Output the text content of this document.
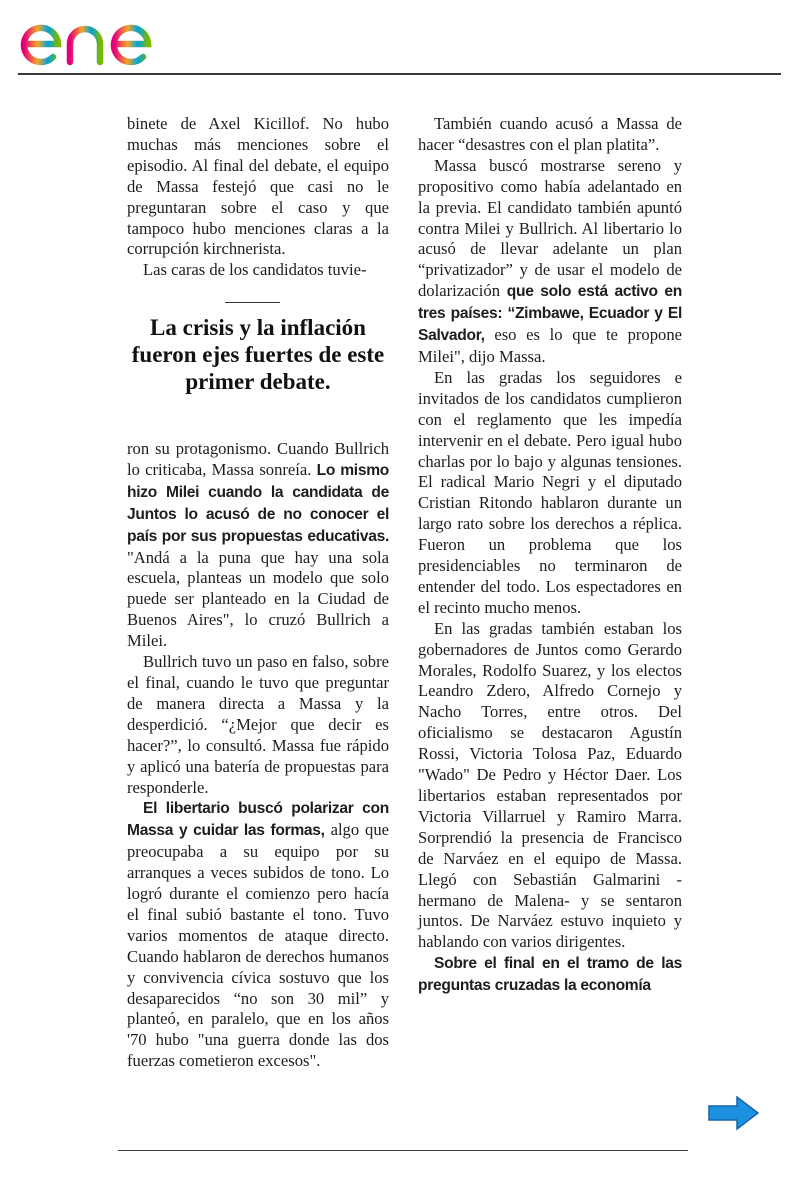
binete de Axel Kicillof. No hubo muchas más menciones sobre el episodio. Al final del debate, el equipo de Massa festejó que casi no le preguntaran sobre el caso y que tampoco hubo menciones claras a la corrupción kirchnerista.

Las caras de los candidatos tuvie-

La crisis y la inflación fueron ejes fuertes de este primer debate.

ron su protagonismo. Cuando Bullrich lo criticaba, Massa sonreía. Lo mismo hizo Milei cuando la candidata de Juntos lo acusó de no conocer el país por sus propuestas educativas. "Andá a la puna que hay una sola escuela, planteas un modelo que solo puede ser planteado en la Ciudad de Buenos Aires", lo cruzó Bullrich a Milei.

Bullrich tuvo un paso en falso, sobre el final, cuando le tuvo que preguntar de manera directa a Massa y la desperdició. “¿Mejor que decir es hacer?”, lo consultó. Massa fue rápido y aplicó una batería de propuestas para responderle.

El libertario buscó polarizar con Massa y cuidar las formas, algo que preocupaba a su equipo por su arranques a veces subidos de tono. Lo logró durante el comienzo pero hacía el final subió bastante el tono. Tuvo varios momentos de ataque directo. Cuando hablaron de derechos humanos y convivencia cívica sostuvo que los desaparecidos “no son 30 mil” y planteó, en paralelo, que en los años '70 hubo "una guerra donde las dos fuerzas cometieron excesos".

También cuando acusó a Massa de hacer “desastres con el plan platita”.

Massa buscó mostrarse sereno y propositivo como había adelantado en la previa. El candidato también apuntó contra Milei y Bullrich. Al libertario lo acusó de llevar adelante un plan “privatizador” y de usar el modelo de dolarización que solo está activo en tres países: “Zimbawe, Ecuador y El Salvador, eso es lo que te propone Milei", dijo Massa.

En las gradas los seguidores e invitados de los candidatos cumplieron con el reglamento que les impedía intervenir en el debate. Pero igual hubo charlas por lo bajo y algunas tensiones. El radical Mario Negri y el diputado Cristian Ritondo hablaron durante un largo rato sobre los derechos a réplica. Fueron un problema que los presidenciables no terminaron de entender del todo. Los espectadores en el recinto mucho menos.

En las gradas también estaban los gobernadores de Juntos como Gerardo Morales, Rodolfo Suarez, y los electos Leandro Zdero, Alfredo Cornejo y Nacho Torres, entre otros. Del oficialismo se destacaron Agustín Rossi, Victoria Tolosa Paz, Eduardo "Wado" De Pedro y Héctor Daer. Los libertarios estaban representados por Victoria Villarruel y Ramiro Marra. Sorprendió la presencia de Francisco de Narváez en el equipo de Massa. Llegó con Sebastián Galmarini -hermano de Malena- y se sentaron juntos. De Narváez estuvo inquieto y hablando con varios dirigentes.

Sobre el final en el tramo de las preguntas cruzadas la economía
